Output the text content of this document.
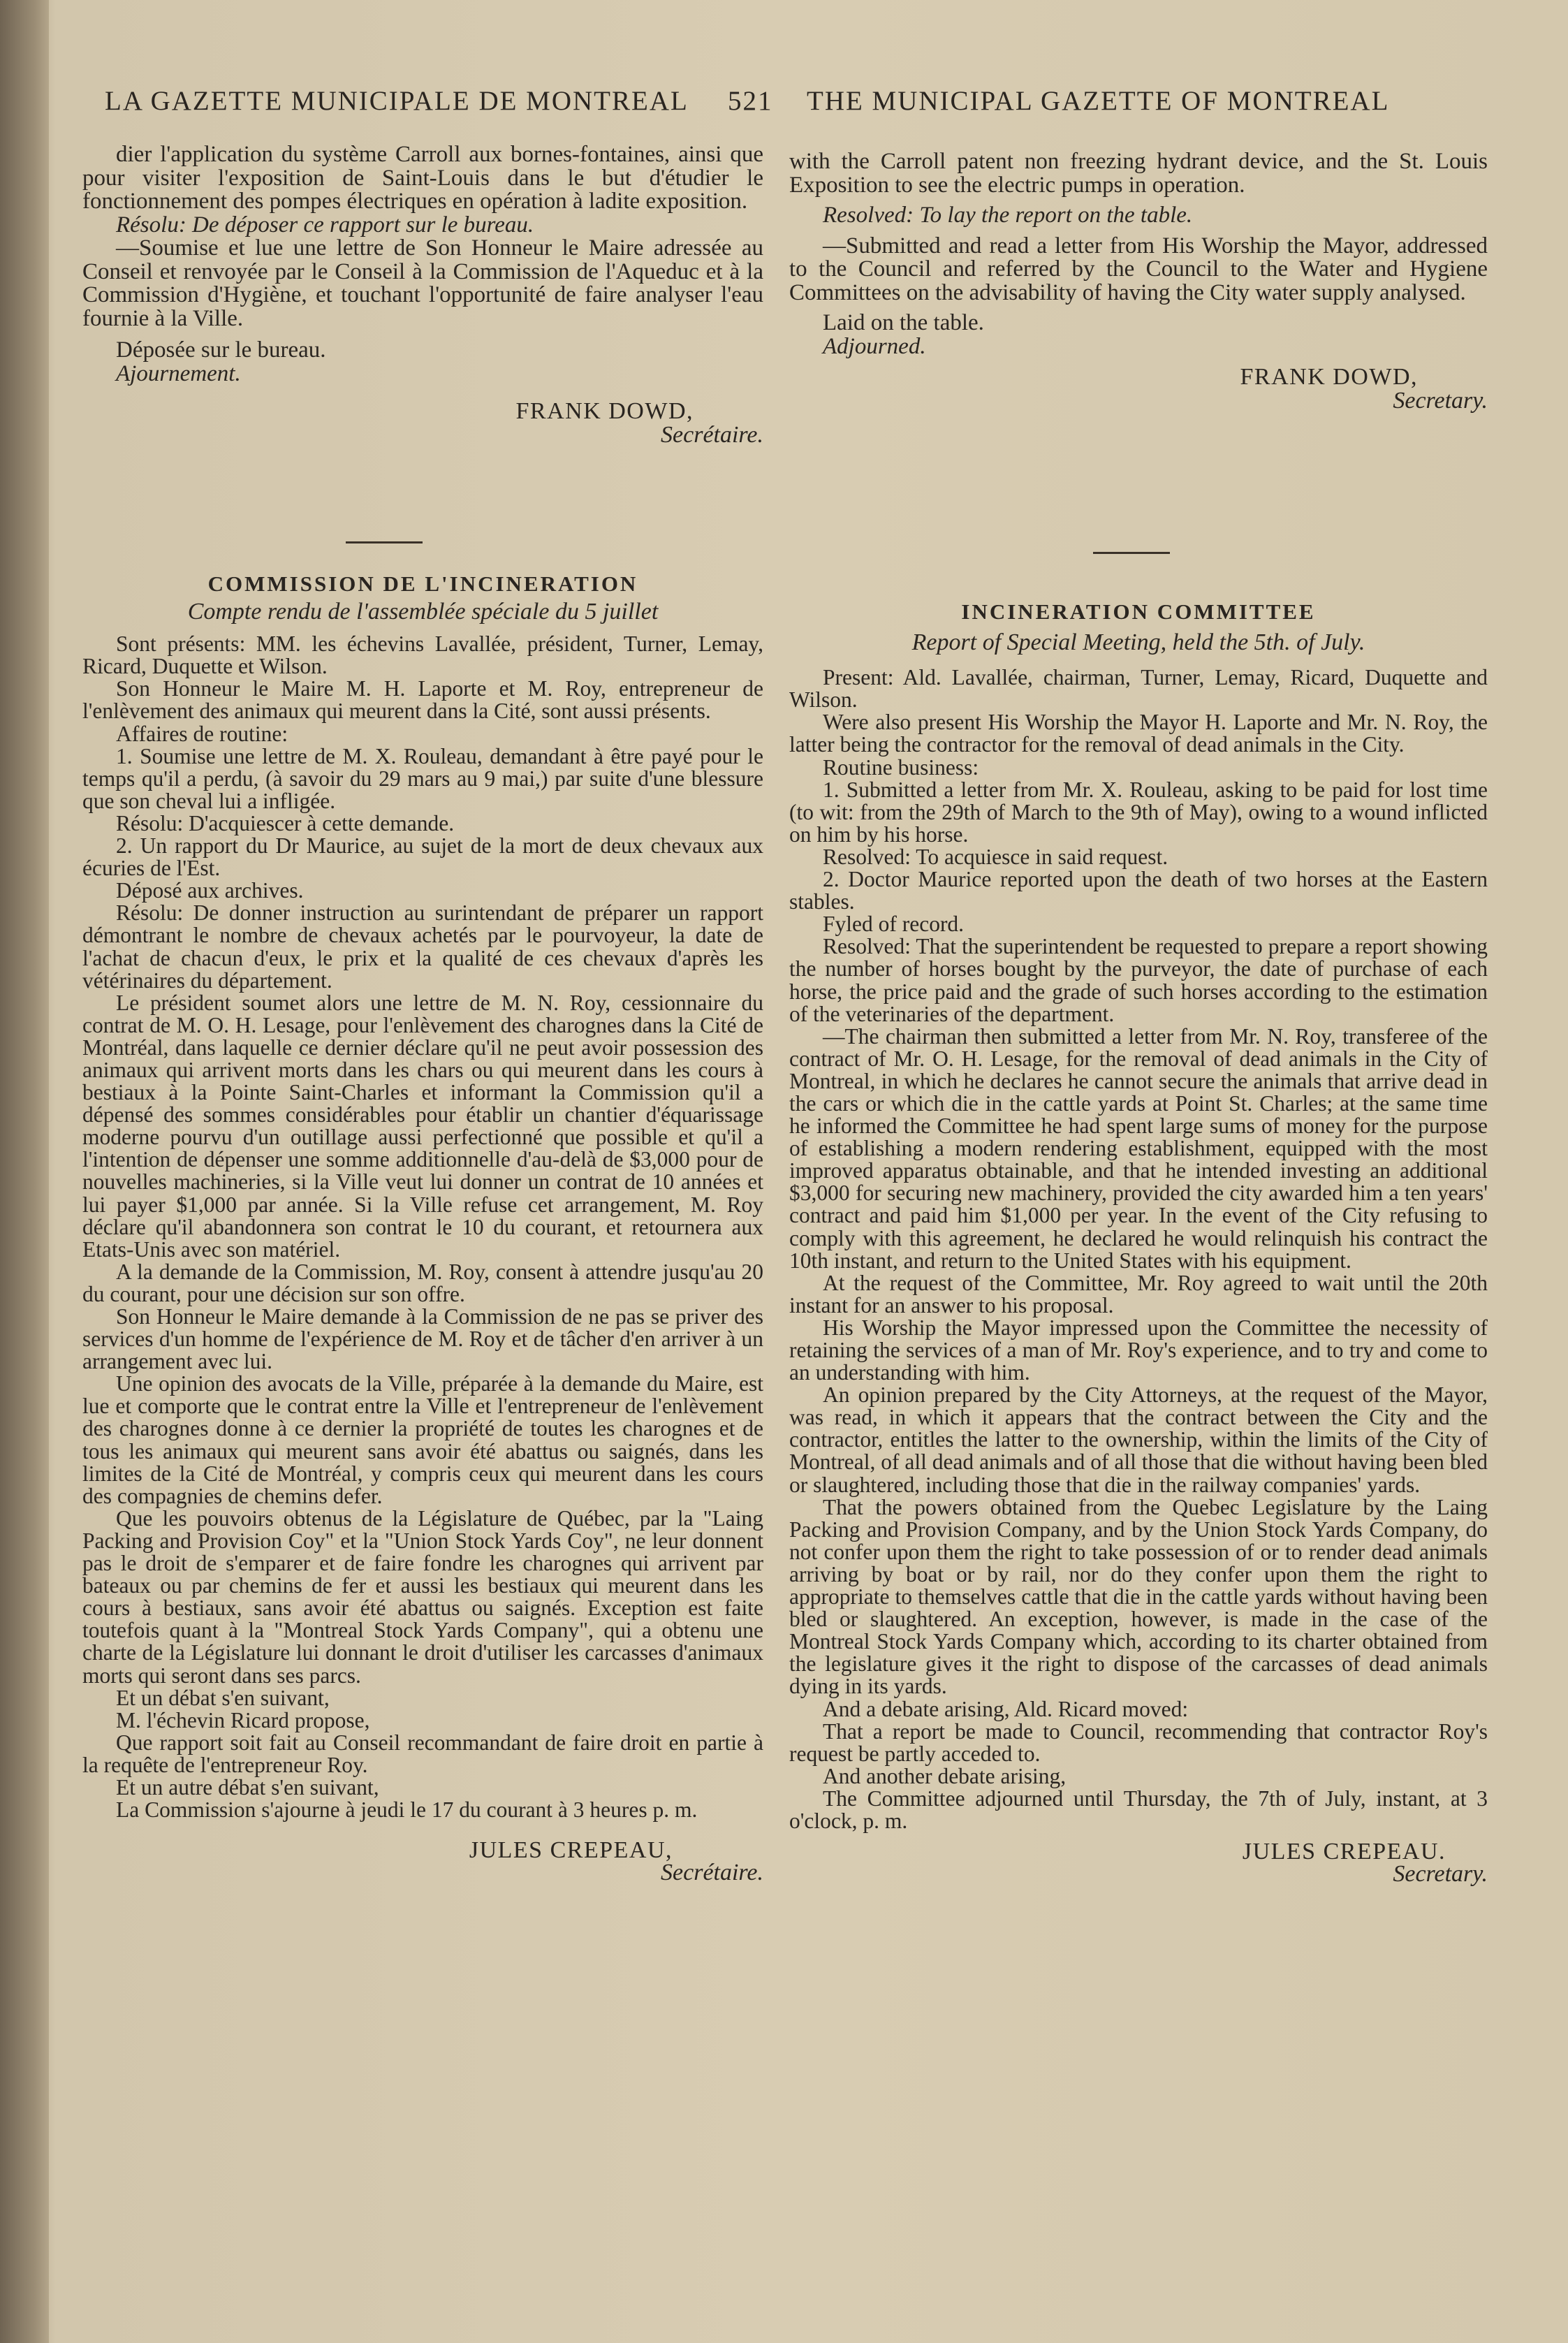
LA GAZETTE MUNICIPALE DE MONTREAL 521 THE MUNICIPAL GAZETTE OF MONTREAL

dier l'application du système Carroll aux bornes-fontaines, ainsi que pour visiter l'exposition de Saint-Louis dans le but d'étudier le fonctionnement des pompes électriques en opération à ladite exposition.

Résolu: De déposer ce rapport sur le bureau.

—Soumise et lue une lettre de Son Honneur le Maire adressée au Conseil et renvoyée par le Conseil à la Commission de l'Aqueduc et à la Commission d'Hygiène, et touchant l'opportunité de faire analyser l'eau fournie à la Ville.

Déposée sur le bureau.

Ajournement.

FRANK DOWD,
Secrétaire.

with the Carroll patent non freezing hydrant device, and the St. Louis Exposition to see the electric pumps in operation.

Resolved: To lay the report on the table.

—Submitted and read a letter from His Worship the Mayor, addressed to the Council and referred by the Council to the Water and Hygiene Committees on the advisability of having the City water supply analysed.

Laid on the table.

Adjourned.

FRANK DOWD,
Secretary.
COMMISSION DE L'INCINERATION
Compte rendu de l'assemblée spéciale du 5 juillet

Sont présents: MM. les échevins Lavallée, président, Turner, Lemay, Ricard, Duquette et Wilson.

Son Honneur le Maire M. H. Laporte et M. Roy, entrepreneur de l'enlèvement des animaux qui meurent dans la Cité, sont aussi présents.

Affaires de routine:

1. Soumise une lettre de M. X. Rouleau, demandant à être payé pour le temps qu'il a perdu, (à savoir du 29 mars au 9 mai,) par suite d'une blessure que son cheval lui a infligée.

Résolu: D'acquiescer à cette demande.

2. Un rapport du Dr Maurice, au sujet de la mort de deux chevaux aux écuries de l'Est.

Déposé aux archives.

Résolu: De donner instruction au surintendant de préparer un rapport démontrant le nombre de chevaux achetés par le pourvoyeur, la date de l'achat de chacun d'eux, le prix et la qualité de ces chevaux d'après les vétérinaires du département.

Le président soumet alors une lettre de M. N. Roy, cessionnaire du contrat de M. O. H. Lesage, pour l'enlèvement des charognes dans la Cité de Montréal, dans laquelle ce dernier déclare qu'il ne peut avoir possession des animaux qui arrivent morts dans les chars ou qui meurent dans les cours à bestiaux à la Pointe Saint-Charles et informant la Commission qu'il a dépensé des sommes considérables pour établir un chantier d'équarissage moderne pourvu d'un outillage aussi perfectionné que possible et qu'il a l'intention de dépenser une somme additionnelle d'au-delà de $3,000 pour de nouvelles machineries, si la Ville veut lui donner un contrat de 10 années et lui payer $1,000 par année. Si la Ville refuse cet arrangement, M. Roy déclare qu'il abandonnera son contrat le 10 du courant, et retournera aux Etats-Unis avec son matériel.

A la demande de la Commission, M. Roy, consent à attendre jusqu'au 20 du courant, pour une décision sur son offre.

Son Honneur le Maire demande à la Commission de ne pas se priver des services d'un homme de l'expérience de M. Roy et de tâcher d'en arriver à un arrangement avec lui.

Une opinion des avocats de la Ville, préparée à la demande du Maire, est lue et comporte que le contrat entre la Ville et l'entrepreneur de l'enlèvement des charognes donne à ce dernier la propriété de toutes les charognes et de tous les animaux qui meurent sans avoir été abattus ou saignés, dans les limites de la Cité de Montréal, y compris ceux qui meurent dans les cours des compagnies de chemins defer.

Que les pouvoirs obtenus de la Législature de Québec, par la "Laing Packing and Provision Coy" et la "Union Stock Yards Coy", ne leur donnent pas le droit de s'emparer et de faire fondre les charognes qui arrivent par bateaux ou par chemins de fer et aussi les bestiaux qui meurent dans les cours à bestiaux, sans avoir été abattus ou saignés. Exception est faite toutefois quant à la "Montreal Stock Yards Company", qui a obtenu une charte de la Législature lui donnant le droit d'utiliser les carcasses d'animaux morts qui seront dans ses parcs.

Et un débat s'en suivant,

M. l'échevin Ricard propose,

Que rapport soit fait au Conseil recommandant de faire droit en partie à la requête de l'entrepreneur Roy.

Et un autre débat s'en suivant,

La Commission s'ajourne à jeudi le 17 du courant à 3 heures p. m.

JULES CREPEAU,
Secrétaire.
INCINERATION COMMITTEE
Report of Special Meeting, held the 5th. of July.

Present: Ald. Lavallée, chairman, Turner, Lemay, Ricard, Duquette and Wilson.

Were also present His Worship the Mayor H. Laporte and Mr. N. Roy, the latter being the contractor for the removal of dead animals in the City.

Routine business:

1. Submitted a letter from Mr. X. Rouleau, asking to be paid for lost time (to wit: from the 29th of March to the 9th of May), owing to a wound inflicted on him by his horse.

Resolved: To acquiesce in said request.

2. Doctor Maurice reported upon the death of two horses at the Eastern stables.

Fyled of record.

Resolved: That the superintendent be requested to prepare a report showing the number of horses bought by the purveyor, the date of purchase of each horse, the price paid and the grade of such horses according to the estimation of the veterinaries of the department.

—The chairman then submitted a letter from Mr. N. Roy, transferee of the contract of Mr. O. H. Lesage, for the removal of dead animals in the City of Montreal, in which he declares he cannot secure the animals that arrive dead in the cars or which die in the cattle yards at Point St. Charles; at the same time he informed the Committee he had spent large sums of money for the purpose of establishing a modern rendering establishment, equipped with the most improved apparatus obtainable, and that he intended investing an additional $3,000 for securing new machinery, provided the city awarded him a ten years' contract and paid him $1,000 per year. In the event of the City refusing to comply with this agreement, he declared he would relinquish his contract the 10th instant, and return to the United States with his equipment.

At the request of the Committee, Mr. Roy agreed to wait until the 20th instant for an answer to his proposal.

His Worship the Mayor impressed upon the Committee the necessity of retaining the services of a man of Mr. Roy's experience, and to try and come to an understanding with him.

An opinion prepared by the City Attorneys, at the request of the Mayor, was read, in which it appears that the contract between the City and the contractor, entitles the latter to the ownership, within the limits of the City of Montreal, of all dead animals and of all those that die without having been bled or slaughtered, including those that die in the railway companies' yards.

That the powers obtained from the Quebec Legislature by the Laing Packing and Provision Company, and by the Union Stock Yards Company, do not confer upon them the right to take possession of or to render dead animals arriving by boat or by rail, nor do they confer upon them the right to appropriate to themselves cattle that die in the cattle yards without having been bled or slaughtered. An exception, however, is made in the case of the Montreal Stock Yards Company which, according to its charter obtained from the legislature gives it the right to dispose of the carcasses of dead animals dying in its yards.

And a debate arising, Ald. Ricard moved:

That a report be made to Council, recommending that contractor Roy's request be partly acceded to.

And another debate arising,

The Committee adjourned until Thursday, the 7th of July, instant, at 3 o'clock, p. m.

JULES CREPEAU.
Secretary.
